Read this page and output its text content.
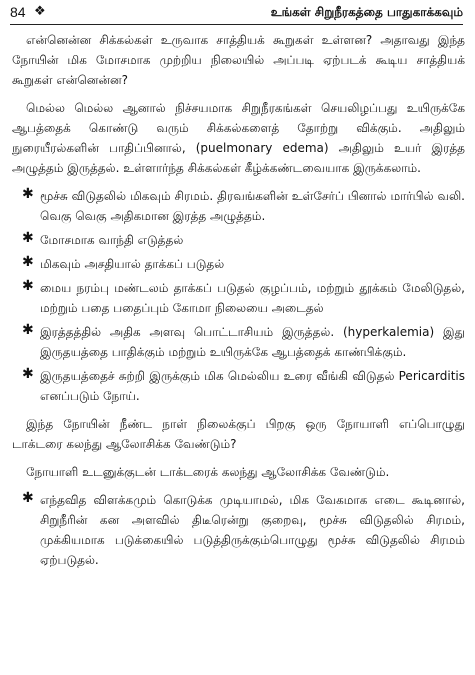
84 ❖	உங்கள் சிறுநீரகத்தை பாதுகாக்கவும்

என்னென்ன சிக்கல்கள் உருவாக சாத்தியக் கூறுகள் உள்ளன? அதாவது இந்த நோயின் மிக மோசமாக முற்றிய நிலையில் அப்படி ஏற்படக் கூடிய சாத்தியக் கூறுகள் என்னென்ன?

மெல்ல மெல்ல ஆனால் நிச்சயமாக சிறுநீரகங்கள் செயலிழப்பது உயிருக்கே ஆபத்தைக் கொண்டு வரும் சிக்கல்களைத் தோற்று விக்கும். அதிலும் நுரையீரல்களின் பாதிப்பினால், (puelmonary edema) அதிலும் உயர் இரத்த அழுத்தம் இருத்தல். உள்ளார்ந்த சிக்கல்கள் கீழ்க்கண்டவையாக இருக்கலாம்.

✱ மூச்சு விடுதலில் மிகவும் சிரமம். திரவங்களின் உள்சேர்ப் பினால் மார்பில் வலி. வெகு வெகு அதிகமான இரத்த அழுத்தம்.
✱ மோசமாக வாந்தி எடுத்தல்
✱ மிகவும் அசதியால் தாக்கப் படுதல்
✱ மைய நரம்பு மண்டலம் தாக்கப் படுதல் குழப்பம், மற்றும் தூக்கம் மேலிடுதல், மற்றும் பதை பதைப்பும் கோமா நிலையை அடைதல்
✱ இரத்தத்தில் அதிக அளவு பொட்டாசியம் இருத்தல். (hyperkalemia) இது இருதயத்தை பாதிக்கும் மற்றும் உயிருக்கே ஆபத்தைக் காண்பிக்கும்.
✱ இருதயத்தைச் சுற்றி இருக்கும் மிக மெல்லிய உரை வீங்கி விடுதல் Pericarditis எனப்படும் நோய்.

இந்த நோயின் நீண்ட நாள் நிலைக்குப் பிறகு ஒரு நோயாளி எப்பொழுது டாக்டரை கலந்து ஆலோசிக்க வேண்டும்?

நோயாளி உடனுக்குடன் டாக்டரைக் கலந்து ஆலோசிக்க வேண்டும்.

✱ எந்தவித விளக்கமும் கொடுக்க முடியாமல், மிக வேகமாக எடை கூடினால், சிறுநீரின் கன அளவில் திடீரென்று குறைவு, மூச்சு விடுதலில் சிரமம், முக்கியமாக படுக்கையில் படுத்திருக்கும்பொழுது மூச்சு விடுதலில் சிரமம் ஏற்படுதல்.
